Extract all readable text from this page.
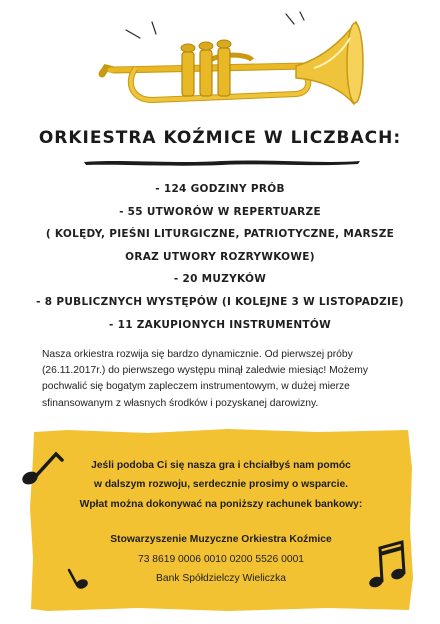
ORKIESTRA KOŹMICE W LICZBACH:
- 124 GODZINY PRÓB
- 55 UTWORÓW W REPERTUARZE
( KOLĘDY, PIEŚNI LITURGICZNE, PATRIOTYCZNE, MARSZE
ORAZ UTWORY ROZRYWKOWE)
- 20 MUZYKÓW
- 8 PUBLICZNYCH WYSTĘPÓW (I KOLEJNE 3 W LISTOPADZIE)
- 11 ZAKUPIONYCH INSTRUMENTÓW

Nasza orkiestra rozwija się bardzo dynamicznie. Od pierwszej próby (26.11.2017r.) do pierwszego występu minął zaledwie miesiąc! Możemy pochwalić się bogatym zapleczem instrumentowym, w dużej mierze sfinansowanym z własnych środków i pozyskanej darowizny.

Jeśli podoba Ci się nasza gra i chciałbyś nam pomóc
w dalszym rozwoju, serdecznie prosimy o wsparcie.
Wpłat można dokonywać na poniższy rachunek bankowy:
Stowarzyszenie Muzyczne Orkiestra Koźmice
73 8619 0006 0010 0200 5526 0001
Bank Spółdzielczy Wieliczka
